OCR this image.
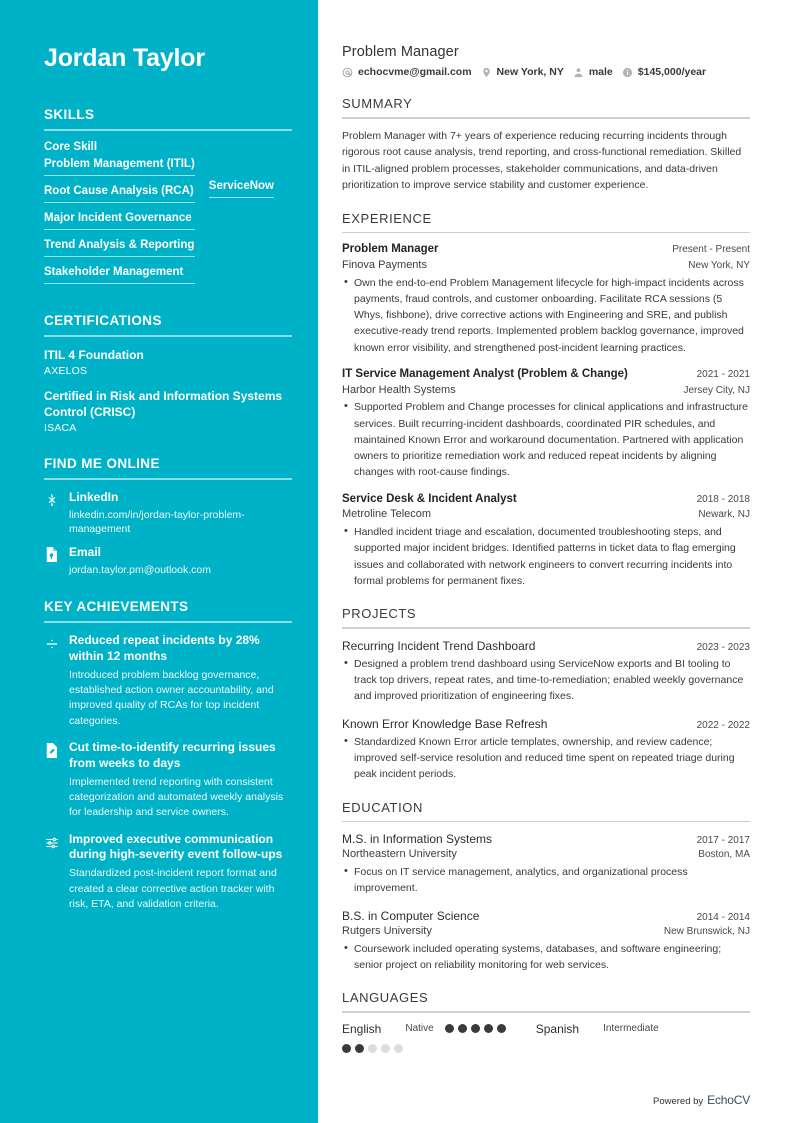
Jordan Taylor
SKILLS
Core Skill
Problem Management (ITIL)
Root Cause Analysis (RCA)
Major Incident Governance
Trend Analysis & Reporting
Stakeholder Management
ServiceNow
CERTIFICATIONS
ITIL 4 Foundation
AXELOS
Certified in Risk and Information Systems Control (CRISC)
ISACA
FIND ME ONLINE
LinkedIn
linkedin.com/in/jordan-taylor-problem-management
Email
jordan.taylor.pm@outlook.com
KEY ACHIEVEMENTS
Reduced repeat incidents by 28% within 12 months
Introduced problem backlog governance, established action owner accountability, and improved quality of RCAs for top incident categories.
Cut time-to-identify recurring issues from weeks to days
Implemented trend reporting with consistent categorization and automated weekly analysis for leadership and service owners.
Improved executive communication during high-severity event follow-ups
Standardized post-incident report format and created a clear corrective action tracker with risk, ETA, and validation criteria.
Problem Manager
echocvme@gmail.com New York, NY male $145,000/year
SUMMARY

Problem Manager with 7+ years of experience reducing recurring incidents through rigorous root cause analysis, trend reporting, and cross-functional remediation. Skilled in ITIL-aligned problem processes, stakeholder communications, and data-driven prioritization to improve service stability and customer experience.

EXPERIENCE
Problem Manager	Present - Present
Finova Payments	New York, NY
• Own the end-to-end Problem Management lifecycle for high-impact incidents across payments, fraud controls, and customer onboarding. Facilitate RCA sessions (5 Whys, fishbone), drive corrective actions with Engineering and SRE, and publish executive-ready trend reports. Implemented problem backlog governance, improved known error visibility, and strengthened post-incident learning practices.
IT Service Management Analyst (Problem & Change)	2021 - 2021
Harbor Health Systems	Jersey City, NJ
• Supported Problem and Change processes for clinical applications and infrastructure services. Built recurring-incident dashboards, coordinated PIR schedules, and maintained Known Error and workaround documentation. Partnered with application owners to prioritize remediation work and reduced repeat incidents by aligning changes with root-cause findings.
Service Desk & Incident Analyst	2018 - 2018
Metroline Telecom	Newark, NJ
• Handled incident triage and escalation, documented troubleshooting steps, and supported major incident bridges. Identified patterns in ticket data to flag emerging issues and collaborated with network engineers to convert recurring incidents into formal problems for permanent fixes.
PROJECTS
Recurring Incident Trend Dashboard	2023 - 2023
• Designed a problem trend dashboard using ServiceNow exports and BI tooling to track top drivers, repeat rates, and time-to-remediation; enabled weekly governance and improved prioritization of engineering fixes.
Known Error Knowledge Base Refresh	2022 - 2022
• Standardized Known Error article templates, ownership, and review cadence; improved self-service resolution and reduced time spent on repeated triage during peak incident periods.
EDUCATION
M.S. in Information Systems	2017 - 2017
Northeastern University	Boston, MA
• Focus on IT service management, analytics, and organizational process improvement.
B.S. in Computer Science	2014 - 2014
Rutgers University	New Brunswick, NJ
• Coursework included operating systems, databases, and software engineering; senior project on reliability monitoring for web services.
LANGUAGES
English Native	Spanish Intermediate
Powered by EchoCV
